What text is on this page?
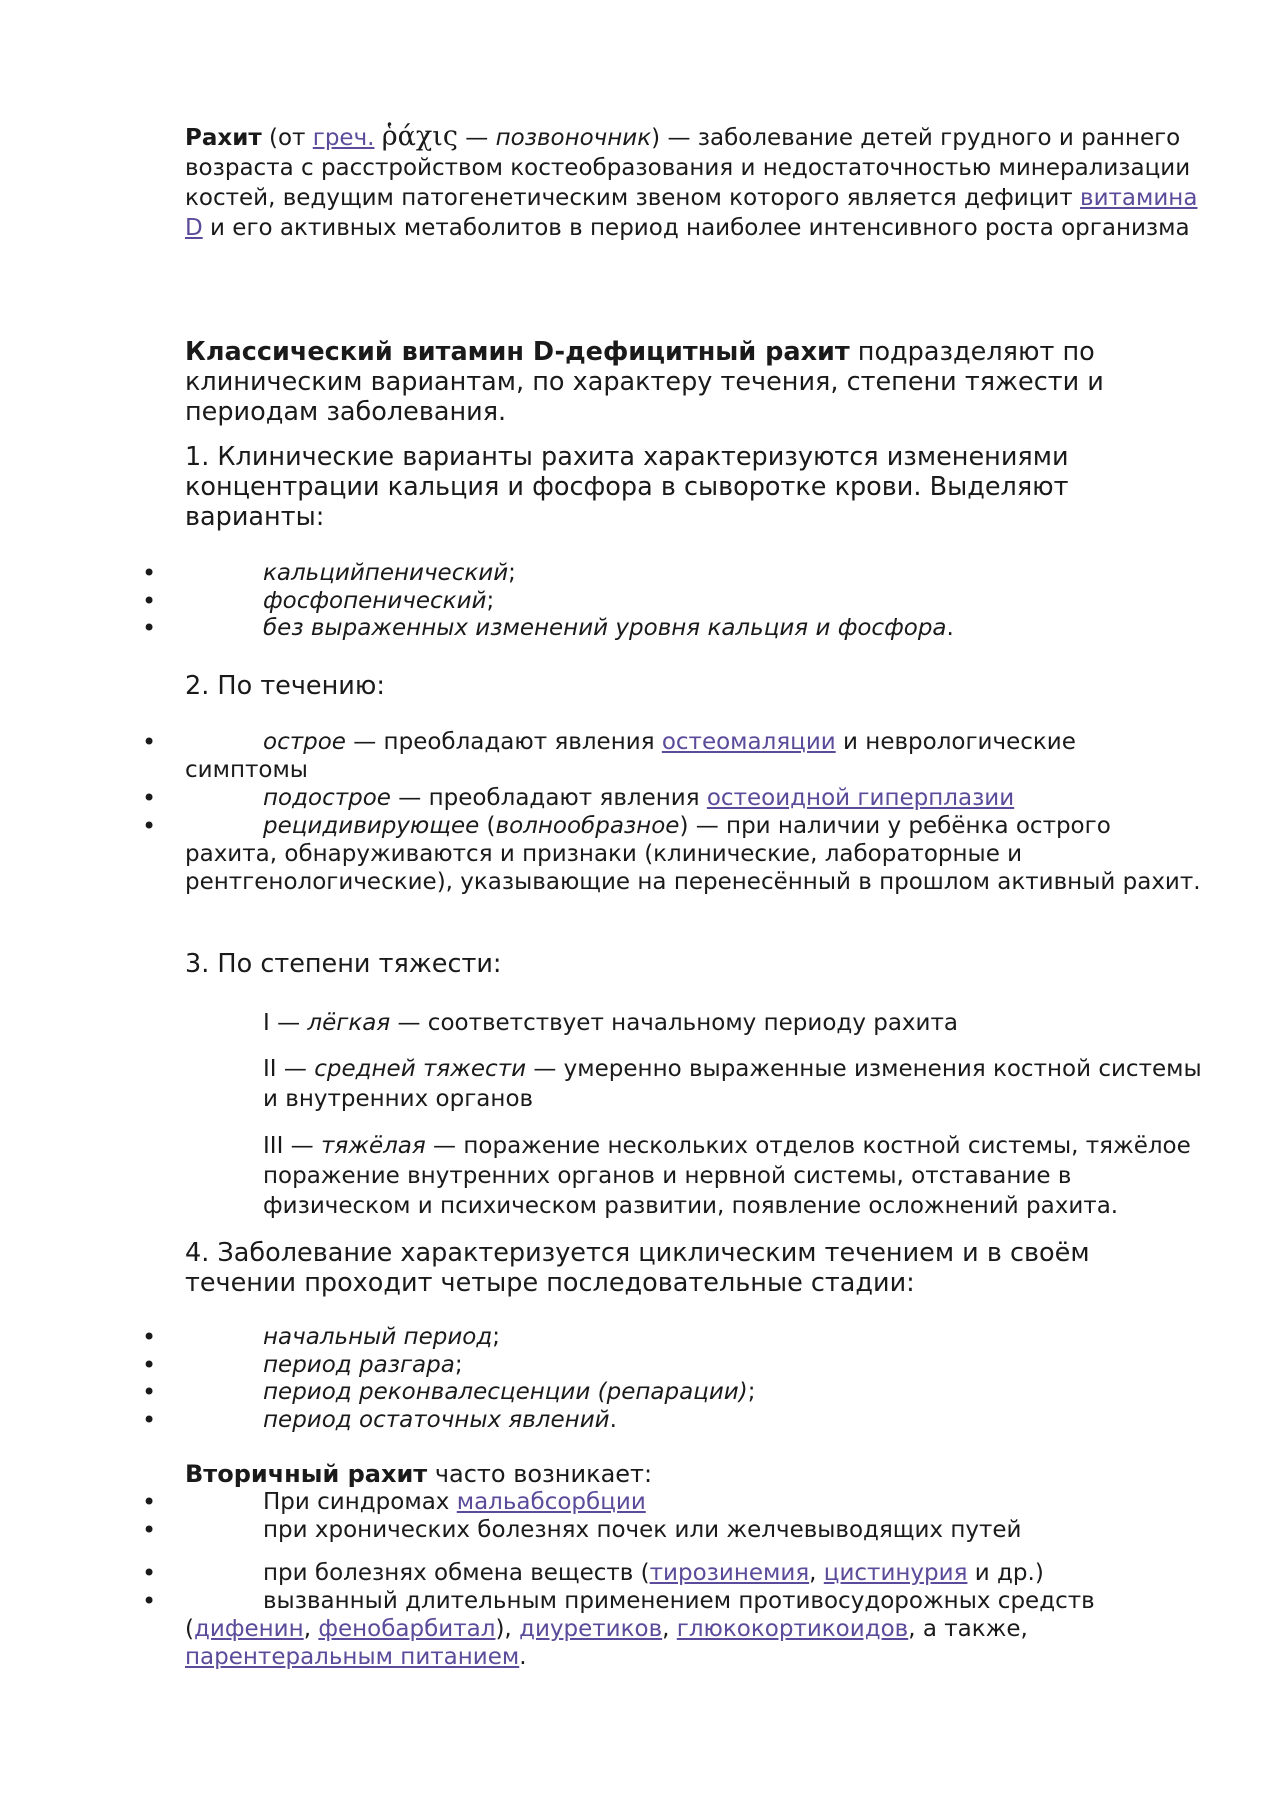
Рахит (от греч. ῥάχις — позвоночник) — заболевание детей грудного и раннего возраста с расстройством костеобразования и недостаточностью минерализации костей, ведущим патогенетическим звеном которого является дефицит витамина D и его активных метаболитов в период наиболее интенсивного роста организма

Классический витамин D-дефицитный рахит подразделяют по клиническим вариантам, по характеру течения, степени тяжести и периодам заболевания.

1. Клинические варианты рахита характеризуются изменениями концентрации кальция и фосфора в сыворотке крови. Выделяют варианты:

•	кальцийпенический;
•	фосфопенический;
•	без выраженных изменений уровня кальция и фосфора.

2. По течению:

•	острое — преобладают явления остеомаляции и неврологические симптомы
•	подострое — преобладают явления остеоидной гиперплазии
•	рецидивирующее (волнообразное) — при наличии у ребёнка острого рахита, обнаруживаются и признаки (клинические, лабораторные и рентгенологические), указывающие на перенесённый в прошлом активный рахит.

3. По степени тяжести:

I — лёгкая — соответствует начальному периоду рахита

II — средней тяжести — умеренно выраженные изменения костной системы и внутренних органов

III — тяжёлая — поражение нескольких отделов костной системы, тяжёлое поражение внутренних органов и нервной системы, отставание в физическом и психическом развитии, появление осложнений рахита.

4. Заболевание характеризуется циклическим течением и в своём течении проходит четыре последовательные стадии:

•	начальный период;
•	период разгара;
•	период реконвалесценции (репарации);
•	период остаточных явлений.

Вторичный рахит часто возникает:

•	При синдромах мальабсорбции
•	при хронических болезнях почек или желчевыводящих путей
•	при болезнях обмена веществ (тирозинемия, цистинурия и др.)
•	вызванный длительным применением противосудорожных средств (дифенин, фенобарбитал), диуретиков, глюкокортикоидов, а также, парентеральным питанием.
